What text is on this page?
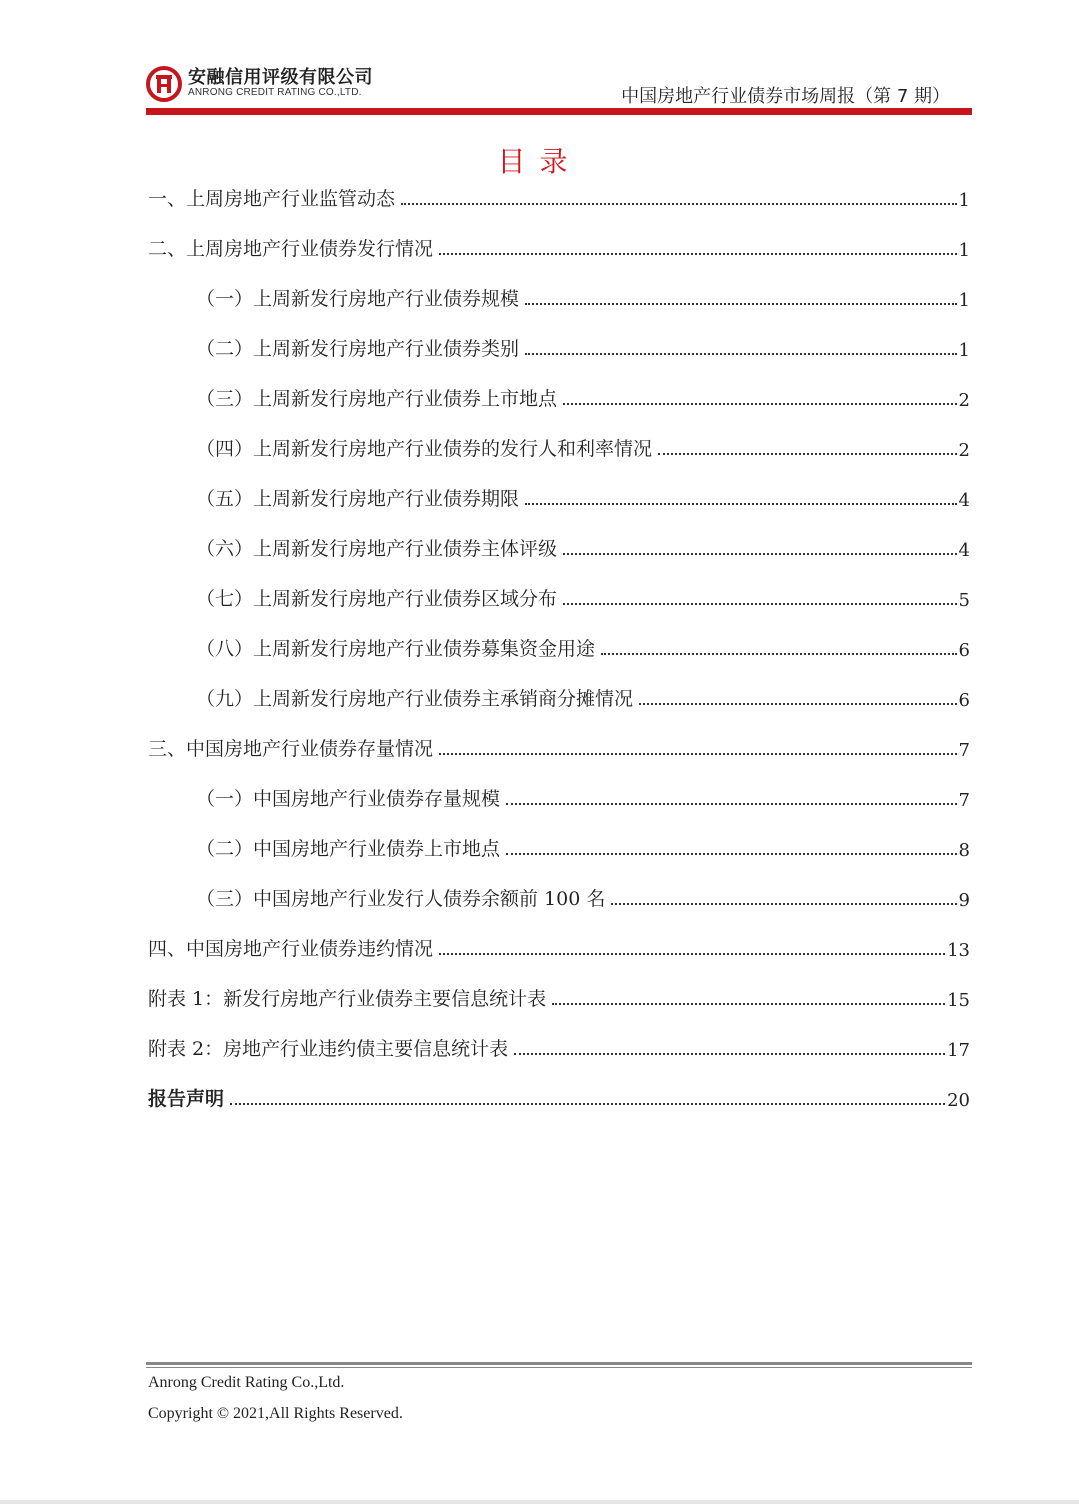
安融信用评级有限公司
ANRONG CREDIT RATING CO.,LTD.	中国房地产行业债券市场周报（第 7 期）
目录
一、上周房地产行业监管动态	1
二、上周房地产行业债券发行情况	1
（一）上周新发行房地产行业债券规模	1
（二）上周新发行房地产行业债券类别	1
（三）上周新发行房地产行业债券上市地点	2
（四）上周新发行房地产行业债券的发行人和利率情况	2
（五）上周新发行房地产行业债券期限	4
（六）上周新发行房地产行业债券主体评级	4
（七）上周新发行房地产行业债券区域分布	5
（八）上周新发行房地产行业债券募集资金用途	6
（九）上周新发行房地产行业债券主承销商分摊情况	6
三、中国房地产行业债券存量情况	7
（一）中国房地产行业债券存量规模	7
（二）中国房地产行业债券上市地点	8
（三）中国房地产行业发行人债券余额前 100 名	9
四、中国房地产行业债券违约情况	13
附表 1：新发行房地产行业债券主要信息统计表	15
附表 2：房地产行业违约债主要信息统计表	17
报告声明	20
Anrong Credit Rating Co.,Ltd.
Copyright © 2021,All Rights Reserved.
